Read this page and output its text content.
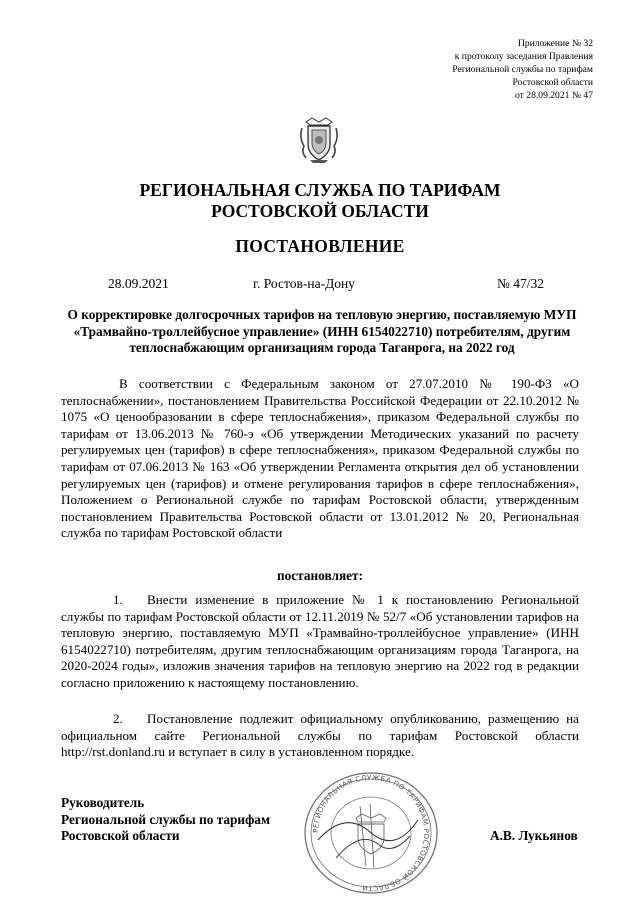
Приложение № 32
к протоколу заседания Правления
Региональной службы по тарифам
Ростовской области
от 28.09.2021 № 47
РЕГИОНАЛЬНАЯ СЛУЖБА ПО ТАРИФАМ
РОСТОВСКОЙ ОБЛАСТИ
ПОСТАНОВЛЕНИЕ
28.09.2021	г. Ростов-на-Дону	№ 47/32
О корректировке долгосрочных тарифов на тепловую энергию, поставляемую МУП «Трамвайно-троллейбусное управление» (ИНН 6154022710) потребителям, другим теплоснабжающим организациям города Таганрога, на 2022 год
В соответствии с Федеральным законом от 27.07.2010 № 190-ФЗ «О теплоснабжении», постановлением Правительства Российской Федерации от 22.10.2012 № 1075 «О ценообразовании в сфере теплоснабжения», приказом Федеральной службы по тарифам от 13.06.2013 № 760-э «Об утверждении Методических указаний по расчету регулируемых цен (тарифов) в сфере теплоснабжения», приказом Федеральной службы по тарифам от 07.06.2013 № 163 «Об утверждении Регламента открытия дел об установлении регулируемых цен (тарифов) и отмене регулирования тарифов в сфере теплоснабжения», Положением о Региональной службе по тарифам Ростовской области, утвержденным постановлением Правительства Ростовской области от 13.01.2012 № 20, Региональная служба по тарифам Ростовской области
постановляет:
1. Внести изменение в приложение № 1 к постановлению Региональной службы по тарифам Ростовской области от 12.11.2019 № 52/7 «Об установлении тарифов на тепловую энергию, поставляемую МУП «Трамвайно-троллейбусное управление» (ИНН 6154022710) потребителям, другим теплоснабжающим организациям города Таганрога, на 2020-2024 годы», изложив значения тарифов на тепловую энергию на 2022 год в редакции согласно приложению к настоящему постановлению.
2. Постановление подлежит официальному опубликованию, размещению на официальном сайте Региональной службы по тарифам Ростовской области http://rst.donland.ru и вступает в силу в установленном порядке.
РЕГИОНАЛЬНАЯ СЛУЖБА ПО ТАРИФАМ РОСТОВСКОЙ ОБЛАСТИ
Руководитель
Региональной службы по тарифам
Ростовской области	А.В. Лукьянов
